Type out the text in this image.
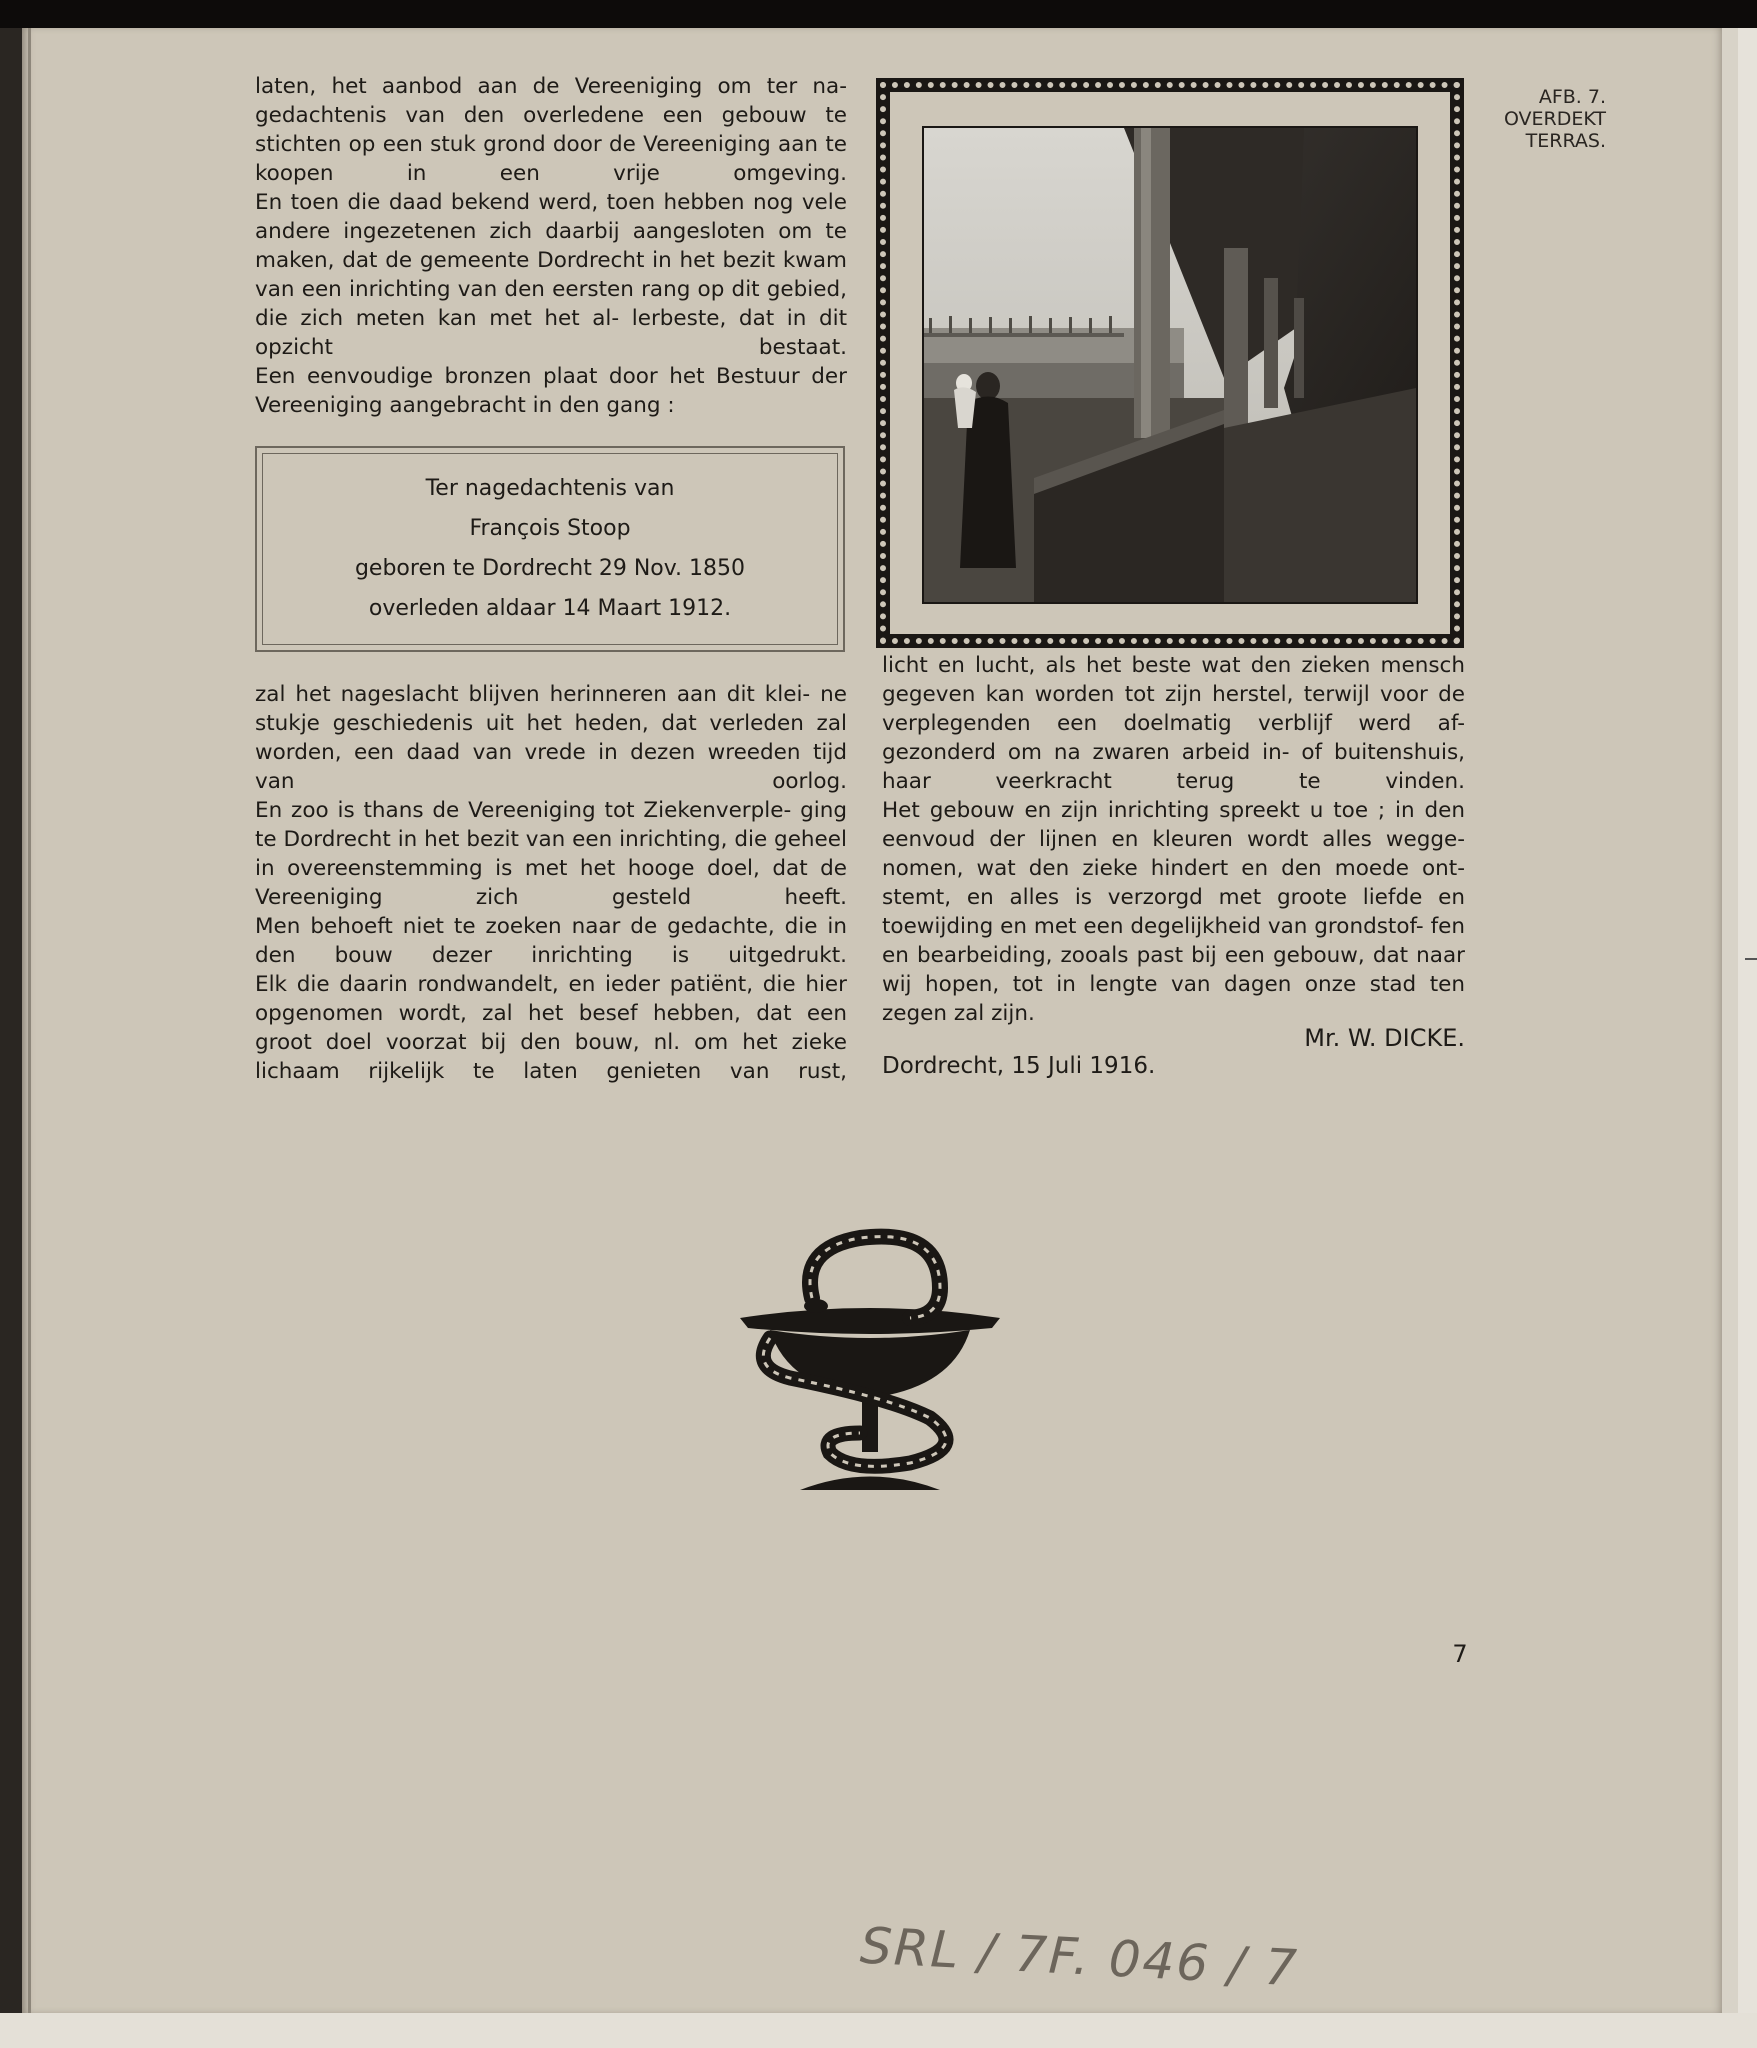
laten, het aanbod aan de Vereeniging om ter na- gedachtenis van den overledene een gebouw te stichten op een stuk grond door de Vereeniging aan te koopen in een vrije omgeving.

En toen die daad bekend werd, toen hebben nog vele andere ingezetenen zich daarbij aangesloten om te maken, dat de gemeente Dordrecht in het bezit kwam van een inrichting van den eersten rang op dit gebied, die zich meten kan met het al- lerbeste, dat in dit opzicht bestaat.

Een eenvoudige bronzen plaat door het Bestuur der Vereeniging aangebracht in den gang :

Ter nagedachtenis van
François Stoop
geboren te Dordrecht 29 Nov. 1850
overleden aldaar 14 Maart 1912.

zal het nageslacht blijven herinneren aan dit klei- ne stukje geschiedenis uit het heden, dat verleden zal worden, een daad van vrede in dezen wreeden tijd van oorlog.

En zoo is thans de Vereeniging tot Ziekenverple- ging te Dordrecht in het bezit van een inrichting, die geheel in overeenstemming is met het hooge doel, dat de Vereeniging zich gesteld heeft.

Men behoeft niet te zoeken naar de gedachte, die in den bouw dezer inrichting is uitgedrukt.

Elk die daarin rondwandelt, en ieder patiënt, die hier opgenomen wordt, zal het besef hebben, dat een groot doel voorzat bij den bouw, nl. om het zieke lichaam rijkelijk te laten genieten van rust,

AFB. 7.
OVERDEKT
TERRAS.

licht en lucht, als het beste wat den zieken mensch gegeven kan worden tot zijn herstel, terwijl voor de verplegenden een doelmatig verblijf werd af- gezonderd om na zwaren arbeid in- of buitenshuis, haar veerkracht terug te vinden.

Het gebouw en zijn inrichting spreekt u toe ; in den eenvoud der lijnen en kleuren wordt alles wegge- nomen, wat den zieke hindert en den moede ont- stemt, en alles is verzorgd met groote liefde en toewijding en met een degelijkheid van grondstof- fen en bearbeiding, zooals past bij een gebouw, dat naar wij hopen, tot in lengte van dagen onze stad ten zegen zal zijn.

Mr. W. DICKE.
Dordrecht, 15 Juli 1916.
7
SRL / 7F. 046 / 7
